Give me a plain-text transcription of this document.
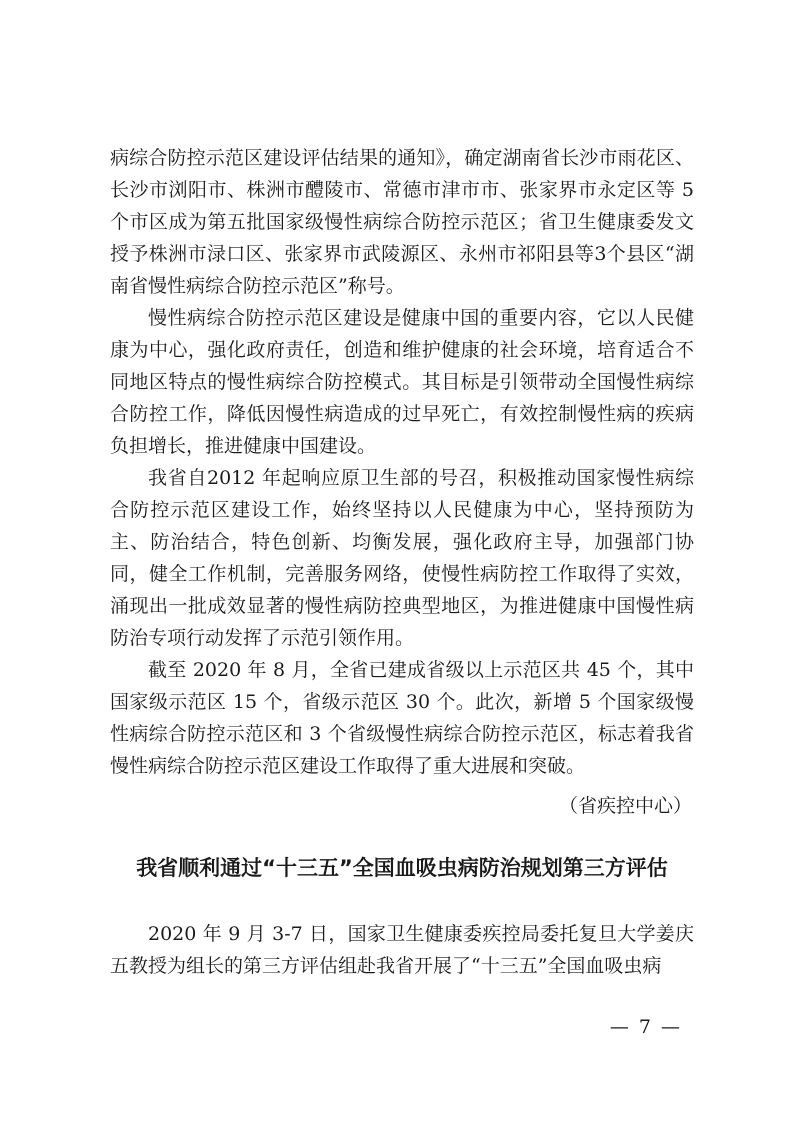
病综合防控示范区建设评估结果的通知》，确定湖南省长沙市雨花区、长沙市浏阳市、株洲市醴陵市、常德市津市市、张家界市永定区等 5 个市区成为第五批国家级慢性病综合防控示范区；省卫生健康委发文授予株洲市渌口区、张家界市武陵源区、永州市祁阳县等3个县区“湖南省慢性病综合防控示范区”称号。

慢性病综合防控示范区建设是健康中国的重要内容，它以人民健康为中心，强化政府责任，创造和维护健康的社会环境，培育适合不同地区特点的慢性病综合防控模式。其目标是引领带动全国慢性病综合防控工作，降低因慢性病造成的过早死亡，有效控制慢性病的疾病负担增长，推进健康中国建设。

我省自2012 年起响应原卫生部的号召，积极推动国家慢性病综合防控示范区建设工作，始终坚持以人民健康为中心，坚持预防为主、防治结合，特色创新、均衡发展，强化政府主导，加强部门协同，健全工作机制，完善服务网络，使慢性病防控工作取得了实效，涌现出一批成效显著的慢性病防控典型地区，为推进健康中国慢性病防治专项行动发挥了示范引领作用。

截至 2020 年 8 月，全省已建成省级以上示范区共 45 个，其中国家级示范区 15 个，省级示范区 30 个。此次，新增 5 个国家级慢性病综合防控示范区和 3 个省级慢性病综合防控示范区，标志着我省慢性病综合防控示范区建设工作取得了重大进展和突破。

（省疾控中心）

我省顺利通过“十三五”全国血吸虫病防治规划第三方评估

2020 年 9 月 3-7 日，国家卫生健康委疾控局委托复旦大学姜庆五教授为组长的第三方评估组赴我省开展了“十三五”全国血吸虫病

— 7 —
